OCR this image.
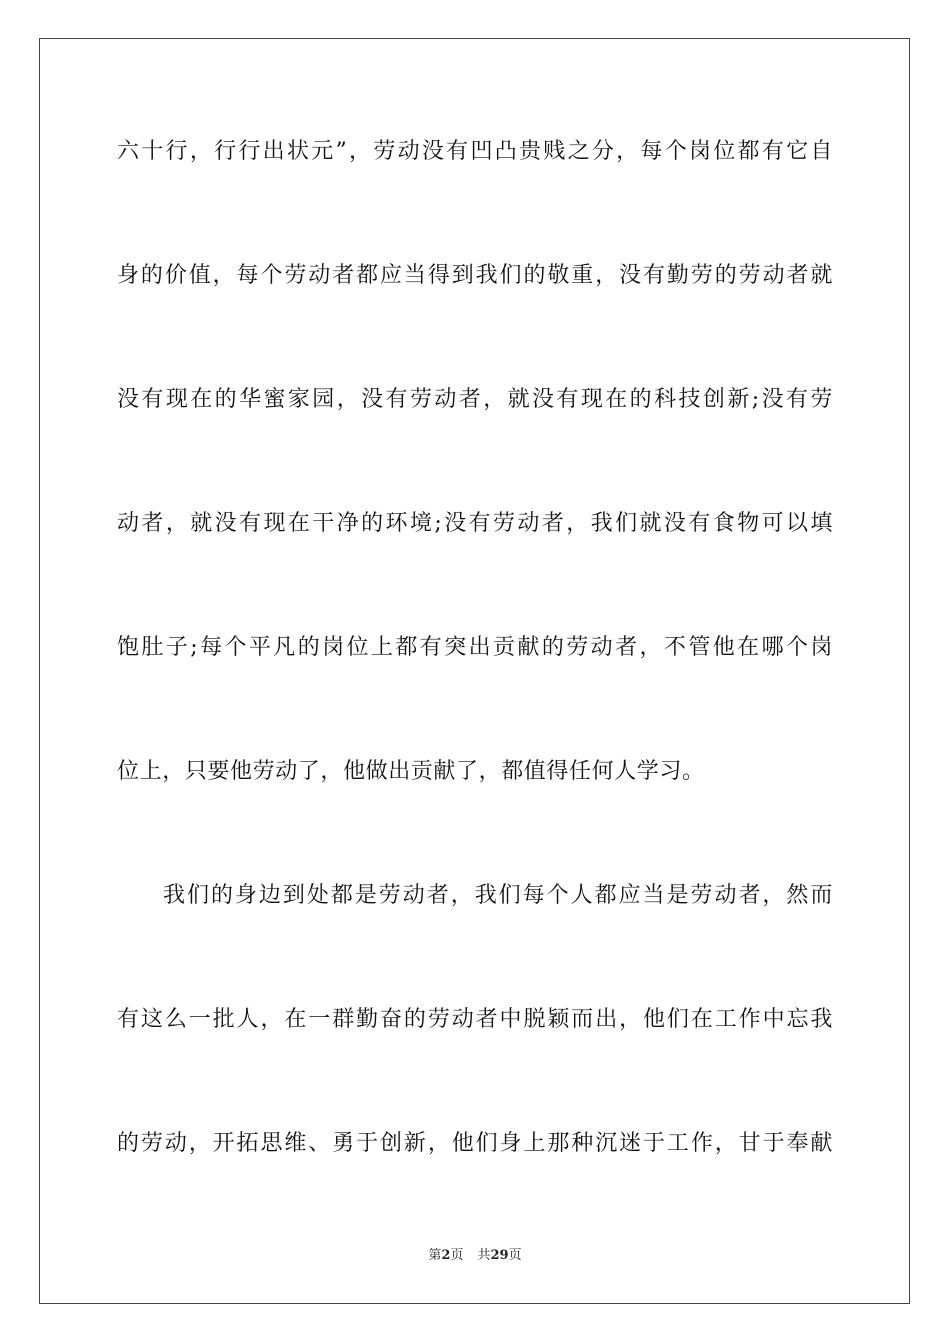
六十行，行行出状元”，劳动没有凹凸贵贱之分，每个岗位都有它自
身的价值，每个劳动者都应当得到我们的敬重，没有勤劳的劳动者就
没有现在的华蜜家园，没有劳动者，就没有现在的科技创新;没有劳
动者，就没有现在干净的环境;没有劳动者，我们就没有食物可以填
饱肚子;每个平凡的岗位上都有突出贡献的劳动者，不管他在哪个岗
位上，只要他劳动了，他做出贡献了，都值得任何人学习。
我们的身边到处都是劳动者，我们每个人都应当是劳动者，然而
有这么一批人，在一群勤奋的劳动者中脱颖而出，他们在工作中忘我
的劳动，开拓思维、勇于创新，他们身上那种沉迷于工作，甘于奉献
第2页 共29页
